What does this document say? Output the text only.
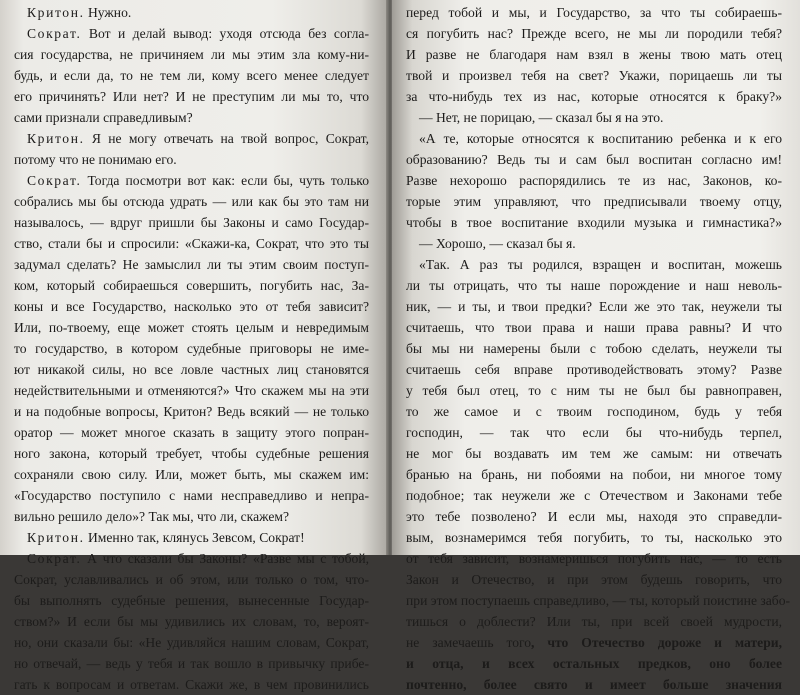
Критон. Нужно.
Сократ. Вот и делай вывод: уходя отсюда без согла-
сия государства, не причиняем ли мы этим зла кому-ни-
будь, и если да, то не тем ли, кому всего менее следует
его причинять? Или нет? И не преступим ли мы то, что
сами признали справедливым?
Критон. Я не могу отвечать на твой вопрос, Сократ,
потому что не понимаю его.
Сократ. Тогда посмотри вот как: если бы, чуть только
собрались мы бы отсюда удрать — или как бы это там ни
называлось, — вдруг пришли бы Законы и само Государ-
ство, стали бы и спросили: «Скажи-ка, Сократ, что это ты
задумал сделать? Не замыслил ли ты этим своим поступ-
ком, который собираешься совершить, погубить нас, За-
коны и все Государство, насколько это от тебя зависит?
Или, по-твоему, еще может стоять целым и невредимым
то государство, в котором судебные приговоры не име-
ют никакой силы, но все ловле частных лиц становятся
недействительными и отменяются?» Что скажем мы на эти
и на подобные вопросы, Критон? Ведь всякий — не только
оратор — может многое сказать в защиту этого попран-
ного закона, который требует, чтобы судебные решения
сохраняли свою силу. Или, может быть, мы скажем им:
«Государство поступило с нами несправедливо и непра-
вильно решило дело»? Так мы, что ли, скажем?
Критон. Именно так, клянусь Зевсом, Сократ!
Сократ. А что сказали бы Законы? «Разве мы с тобой,
Сократ, уславливались и об этом, или только о том, что-
бы выполнять судебные решения, вынесенные Государ-
ством?» И если бы мы удивились их словам, то, вероят-
но, они сказали бы: «Не удивляйся нашим словам, Сократ,
но отвечай, — ведь у тебя и так вошло в привычку прибе-
гать к вопросам и ответам. Скажи же, в чем провинились
перед тобой и мы, и Государство, за что ты собираешь-
ся погубить нас? Прежде всего, не мы ли породили тебя?
И разве не благодаря нам взял в жены твою мать отец
твой и произвел тебя на свет? Укажи, порицаешь ли ты
за что-нибудь тех из нас, которые относятся к браку?»
— Нет, не порицаю, — сказал бы я на это.
«А те, которые относятся к воспитанию ребенка и к его
образованию? Ведь ты и сам был воспитан согласно им!
Разве нехорошо распорядились те из нас, Законов, ко-
торые этим управляют, что предписывали твоему отцу,
чтобы в твое воспитание входили музыка и гимнастика?»
— Хорошо, — сказал бы я.
«Так. А раз ты родился, взращен и воспитан, можешь
ли ты отрицать, что ты наше порождение и наш неволь-
ник, — и ты, и твои предки? Если же это так, неужели ты
считаешь, что твои права и наши права равны? И что
бы мы ни намерены были с тобою сделать, неужели ты
считаешь себя вправе противодействовать этому? Разве
у тебя был отец, то с ним ты не был бы равноправен,
то же самое и с твоим господином, будь у тебя
господин, — так что если бы что-нибудь терпел,
не мог бы воздавать им тем же самым: ни отвечать
бранью на брань, ни побоями на побои, ни многое тому
подобное; так неужели же с Отечеством и Законами тебе
это тебе позволено? И если мы, находя это справедли-
вым, вознамеримся тебя погубить, то ты, насколько это
от тебя зависит, вознамеришься погубить нас, — то есть
Закон и Отечество, и при этом будешь говорить, что
при этом поступаешь справедливо, — ты, который поистине забо-
тишься о доблести? Или ты, при всей своей мудрости,
не замечаешь того, что Отечество дороже и матери,
и отца, и всех остальных предков, оно более
почтенно, более свято и имеет больше значения
